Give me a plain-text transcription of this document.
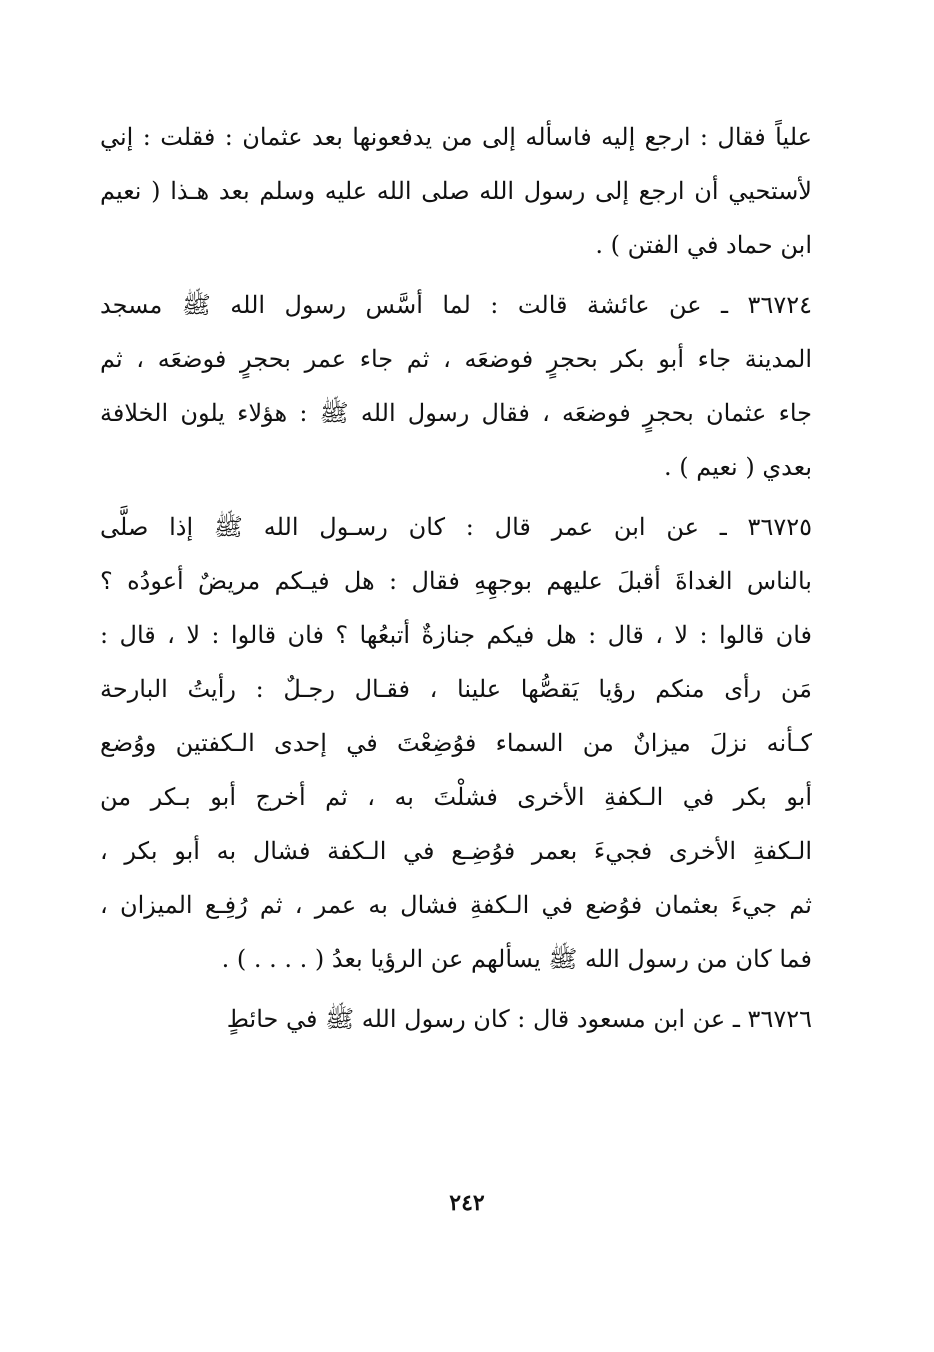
علياً فقال : ارجع إليه فاسأله إلى من يدفعونها بعد عثمان : فقلت : إني
لأستحيي أن ارجع إلى رسول الله صلى الله عليه وسلم بعد هـذا ( نعيم
ابن حماد في الفتن ) .
٣٦٧٢٤ ـ عن عائشة قالت : لما أسَّس رسول الله ﷺ مسجد
المدينة جاء أبو بكر بحجرٍ فوضعَه ، ثم جاء عمر بحجرٍ فوضعَه ، ثم
جاء عثمان بحجرٍ فوضعَه ، فقال رسول الله ﷺ : هؤلاء يلون الخلافة
بعدي ( نعيم ) .
٣٦٧٢٥ ـ عن ابن عمر قال : كان رسـول الله ﷺ إذا صلَّى
بالناس الغداةَ أقبلَ عليهم بوجهِهِ فقال : هل فيـكم مريضٌ أعودُه ؟
فان قالوا : لا ، قال : هل فيكم جنازةٌ أتبعُها ؟ فان قالوا : لا ، قال :
مَن رأى منكم رؤيا يَقصُّها علينا ، فقـال رجـلٌ : رأيتُ البارحة
كـأنه نزلَ ميزانٌ من السماء فوُضِعْتَ في إحدى الـكفتين ووُضع
أبو بكر في الـكفةِ الأخرى فشلْتَ به ، ثم أخرج أبو بـكر من
الـكفةِ الأخرى فجيءَ بعمر فوُضِـع في الـكفة فشال به أبو بكر ،
ثم جيءَ بعثمان فوُضع في الـكفةِ فشال به عمر ، ثم رُفِـع الميزان ،
فما كان من رسول الله ﷺ يسألهم عن الرؤيا بعدُ ( . . . . ) .
٣٦٧٢٦ ـ عن ابن مسعود قال : كان رسول الله ﷺ في حائطٍ
٢٤٢
